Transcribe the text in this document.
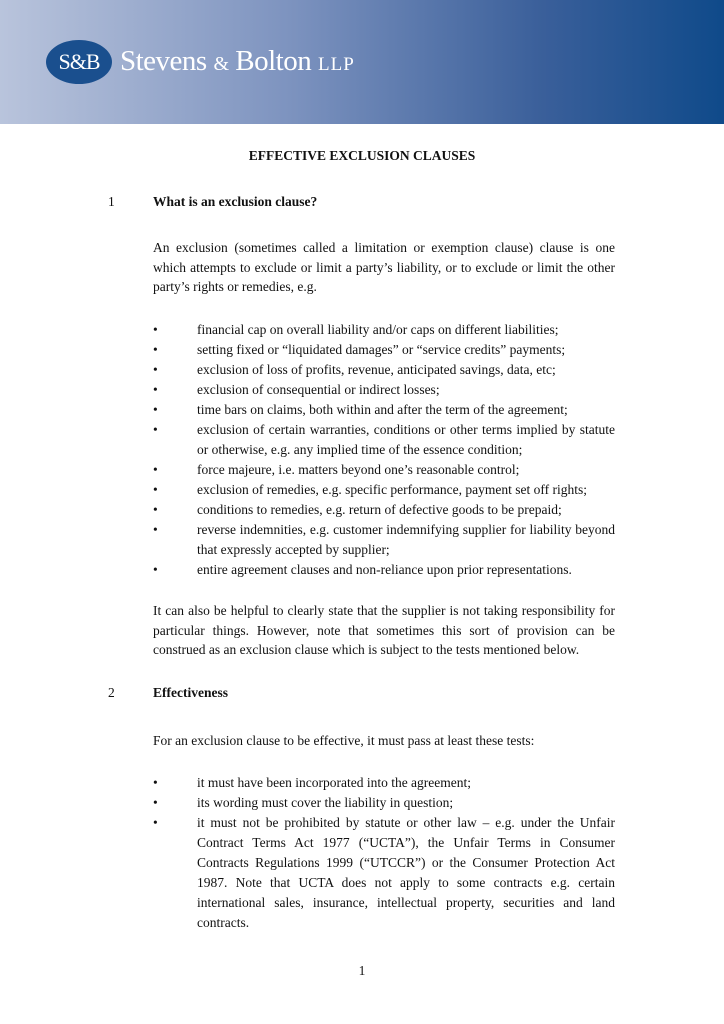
S&B Stevens & Bolton LLP
EFFECTIVE EXCLUSION CLAUSES
1	What is an exclusion clause?

An exclusion (sometimes called a limitation or exemption clause) clause is one which attempts to exclude or limit a party’s liability, or to exclude or limit the other party’s rights or remedies, e.g.

•	financial cap on overall liability and/or caps on different liabilities;
•	setting fixed or “liquidated damages” or “service credits” payments;
•	exclusion of loss of profits, revenue, anticipated savings, data, etc;
•	exclusion of consequential or indirect losses;
•	time bars on claims, both within and after the term of the agreement;
•	exclusion of certain warranties, conditions or other terms implied by statute or otherwise, e.g. any implied time of the essence condition;
•	force majeure, i.e. matters beyond one’s reasonable control;
•	exclusion of remedies, e.g. specific performance, payment set off rights;
•	conditions to remedies, e.g. return of defective goods to be prepaid;
•	reverse indemnities, e.g. customer indemnifying supplier for liability beyond that expressly accepted by supplier;
•	entire agreement clauses and non-reliance upon prior representations.

It can also be helpful to clearly state that the supplier is not taking responsibility for particular things. However, note that sometimes this sort of provision can be construed as an exclusion clause which is subject to the tests mentioned below.

2	Effectiveness

For an exclusion clause to be effective, it must pass at least these tests:

•	it must have been incorporated into the agreement;
•	its wording must cover the liability in question;
•	it must not be prohibited by statute or other law – e.g. under the Unfair Contract Terms Act 1977 (“UCTA”), the Unfair Terms in Consumer Contracts Regulations 1999 (“UTCCR”) or the Consumer Protection Act 1987. Note that UCTA does not apply to some contracts e.g. certain international sales, insurance, intellectual property, securities and land contracts.
1
